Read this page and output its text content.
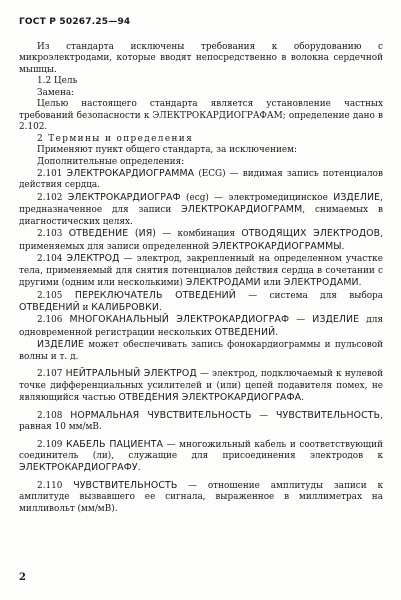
ГОСТ Р 50267.25—94

Из стандарта исключены требования к оборудованию с микроэлектродами, которые вводят непосредственно в волокна сердечной мышцы.

1.2 Цель

Замена:

Целью настоящего стандарта является установление частных требований безопасности к ЭЛЕКТРОКАРДИОГРАФАМ; определение дано в 2.102.

2 Термины и определения

Применяют пункт общего стандарта, за исключением:

Дополнительные определения:

2.101 ЭЛЕКТРОКАРДИОГРАММА (ECG) — видимая запись потенциалов действия сердца.

2.102 ЭЛЕКТРОКАРДИОГРАФ (ecg) — электромедицинское ИЗДЕЛИЕ, предназначенное для записи ЭЛЕКТРОКАРДИОГРАММ, снимаемых в диагностических целях.

2.103 ОТВЕДЕНИЕ (ИЯ) — комбинация ОТВОДЯЩИХ ЭЛЕКТРОДОВ, применяемых для записи определенной ЭЛЕКТРОКАРДИОГРАММЫ.

2.104 ЭЛЕКТРОД — электрод, закрепленный на определенном участке тела, применяемый для снятия потенциалов действия сердца в сочетании с другими (одним или несколькими) ЭЛЕКТРОДАМИ или ЭЛЕКТРОДАМИ.

2.105 ПЕРЕКЛЮЧАТЕЛЬ ОТВЕДЕНИЙ — система для выбора ОТВЕДЕНИЙ и КАЛИБРОВКИ.

2.106 МНОГОКАНАЛЬНЫЙ ЭЛЕКТРОКАРДИОГРАФ — ИЗДЕЛИЕ для одновременной регистрации нескольких ОТВЕДЕНИЙ.

ИЗДЕЛИЕ может обеспечивать запись фонокардиограммы и пульсовой волны и т. д.

2.107 НЕЙТРАЛЬНЫЙ ЭЛЕКТРОД — электрод, подключаемый к нулевой точке дифференциальных усилителей и (или) цепей подавителя помех, не являющийся частью ОТВЕДЕНИЯ ЭЛЕКТРОКАРДИОГРАФА.

2.108 НОРМАЛЬНАЯ ЧУВСТВИТЕЛЬНОСТЬ — ЧУВСТВИТЕЛЬНОСТЬ, равная 10 мм/мВ.

2.109 КАБЕЛЬ ПАЦИЕНТА — многожильный кабель и соответствующий соединитель (ли), служащие для присоединения электродов к ЭЛЕКТРОКАРДИОГРАФУ.

2.110 ЧУВСТВИТЕЛЬНОСТЬ — отношение амплитуды записи к амплитуде вызвавшего ее сигнала, выраженное в миллиметрах на милливольт (мм/мВ).

2
